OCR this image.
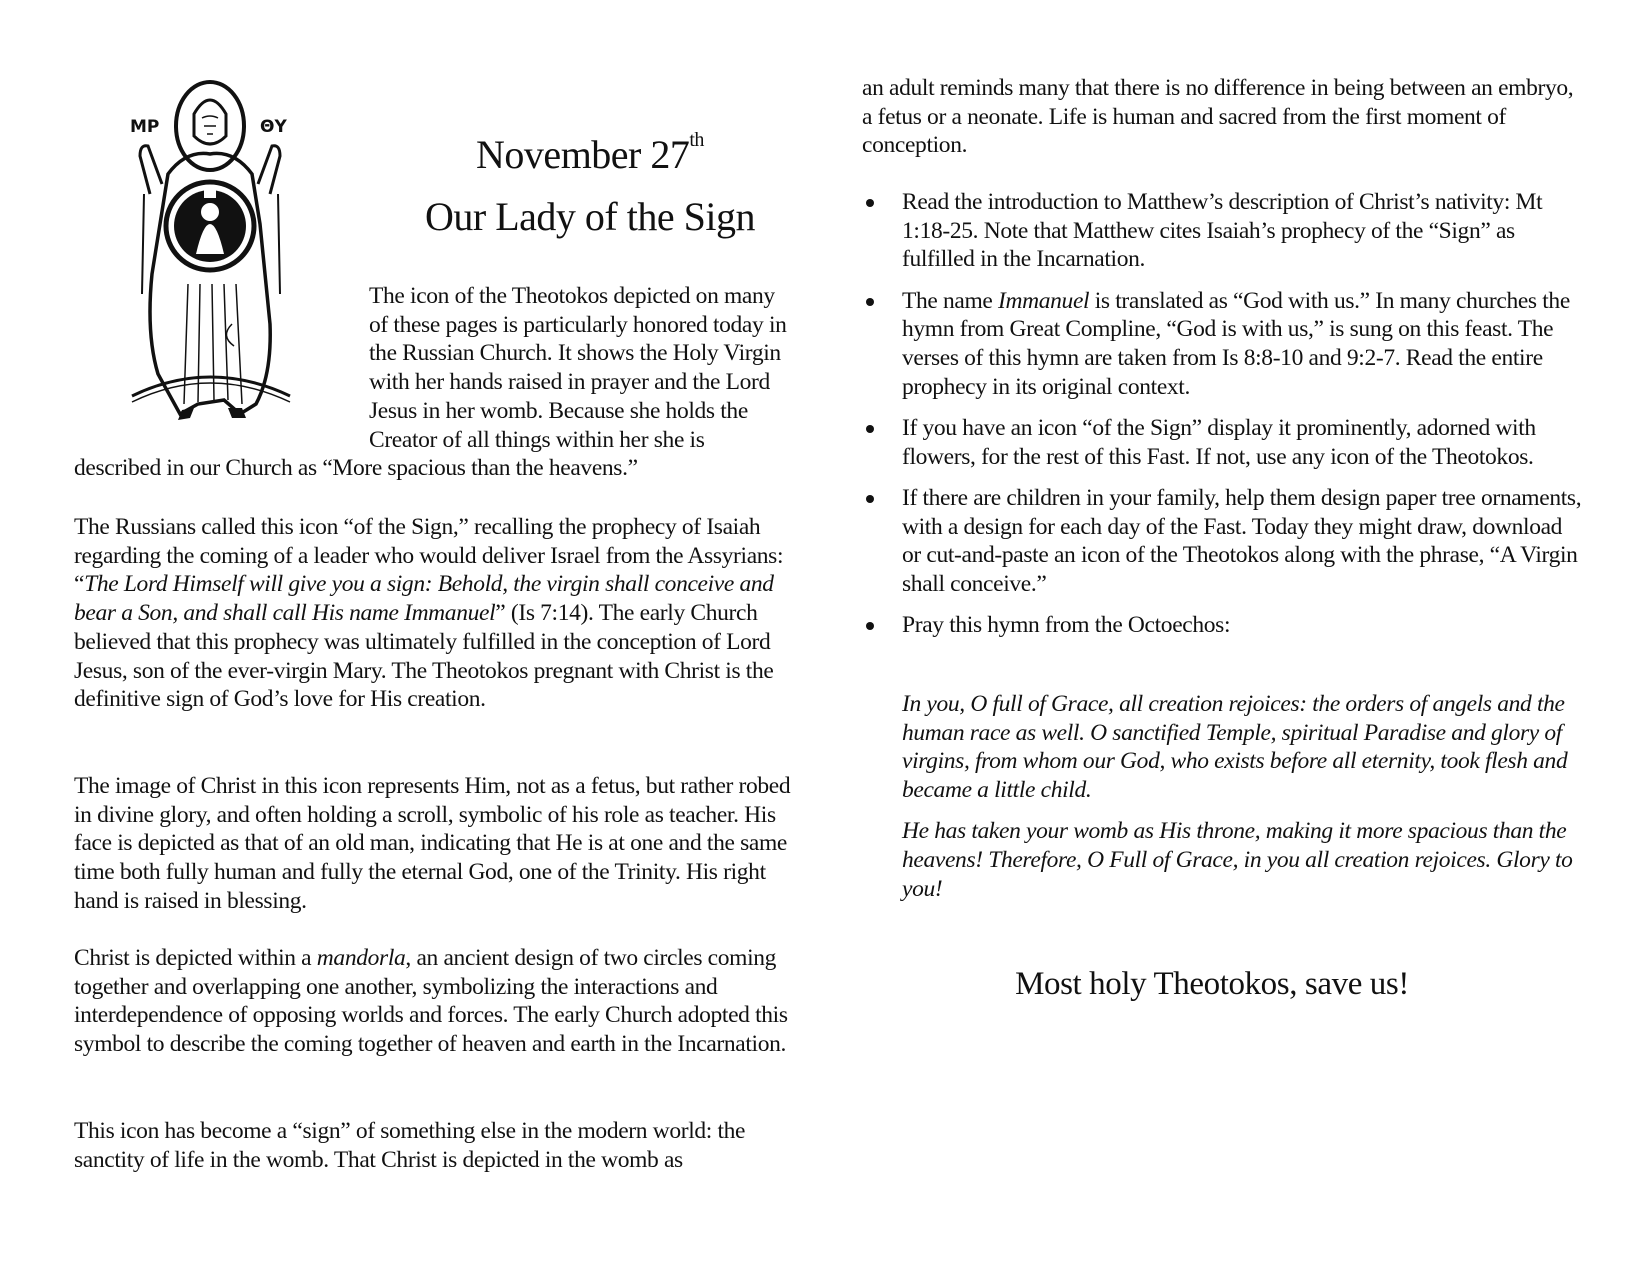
ΜΡ	ΘΥ
November 27th
Our Lady of the Sign

The icon of the Theotokos depicted on many of these pages is particularly honored today in the Russian Church. It shows the Holy Virgin with her hands raised in prayer and the Lord Jesus in her womb. Because she holds the Creator of all things within her she is described in our Church as “More spacious than the heavens.”

The Russians called this icon “of the Sign,” recalling the prophecy of Isaiah regarding the coming of a leader who would deliver Israel from the Assyrians: “The Lord Himself will give you a sign: Behold, the virgin shall conceive and bear a Son, and shall call His name Immanuel” (Is 7:14). The early Church believed that this prophecy was ultimately fulfilled in the conception of Lord Jesus, son of the ever-virgin Mary. The Theotokos pregnant with Christ is the definitive sign of God’s love for His creation.

The image of Christ in this icon represents Him, not as a fetus, but rather robed in divine glory, and often holding a scroll, symbolic of his role as teacher. His face is depicted as that of an old man, indicating that He is at one and the same time both fully human and fully the eternal God, one of the Trinity. His right hand is raised in blessing.

Christ is depicted within a mandorla, an ancient design of two circles coming together and overlapping one another, symbolizing the interactions and interdependence of opposing worlds and forces. The early Church adopted this symbol to describe the coming together of heaven and earth in the Incarnation.

This icon has become a “sign” of something else in the modern world: the sanctity of life in the womb. That Christ is depicted in the womb as

an adult reminds many that there is no difference in being between an embryo, a fetus or a neonate. Life is human and sacred from the first moment of conception.

Read the introduction to Matthew’s description of Christ’s nativity: Mt 1:18-25. Note that Matthew cites Isaiah’s prophecy of the “Sign” as fulfilled in the Incarnation.
The name Immanuel is translated as “God with us.” In many churches the hymn from Great Compline, “God is with us,” is sung on this feast. The verses of this hymn are taken from Is 8:8-10 and 9:2-7. Read the entire prophecy in its original context.
If you have an icon “of the Sign” display it prominently, adorned with flowers, for the rest of this Fast. If not, use any icon of the Theotokos.
If there are children in your family, help them design paper tree ornaments, with a design for each day of the Fast. Today they might draw, download or cut-and-paste an icon of the Theotokos along with the phrase, “A Virgin shall conceive.”
Pray this hymn from the Octoechos:

In you, O full of Grace, all creation rejoices: the orders of angels and the human race as well. O sanctified Temple, spiritual Paradise and glory of virgins, from whom our God, who exists before all eternity, took flesh and became a little child.

He has taken your womb as His throne, making it more spacious than the heavens! Therefore, O Full of Grace, in you all creation rejoices. Glory to you!

Most holy Theotokos, save us!
